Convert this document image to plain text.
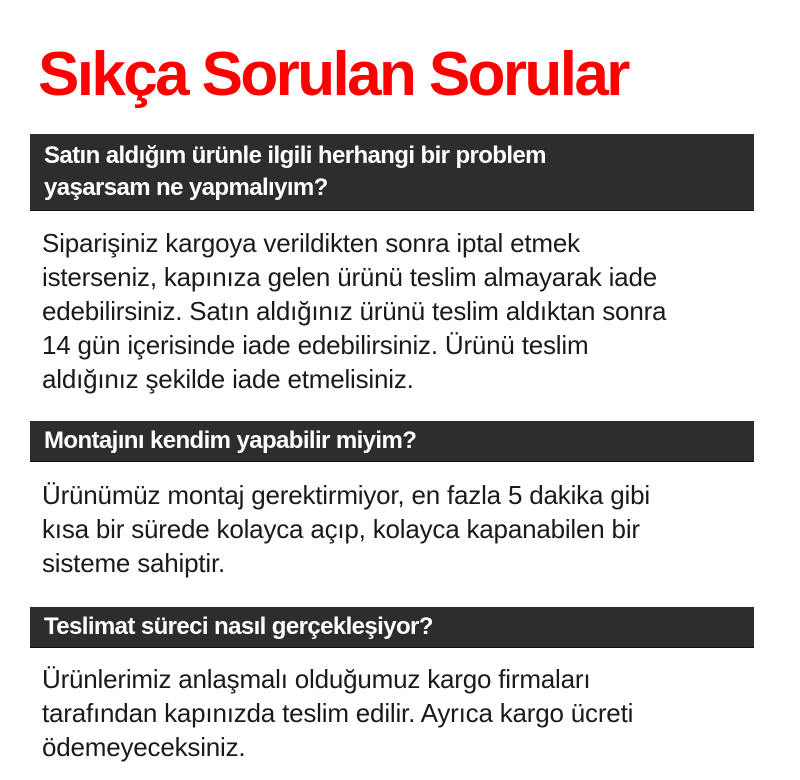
Sıkça Sorulan Sorular
Satın aldığım ürünle ilgili herhangi bir problem
yaşarsam ne yapmalıyım?
Siparişiniz kargoya verildikten sonra iptal etmek
isterseniz, kapınıza gelen ürünü teslim almayarak iade
edebilirsiniz. Satın aldığınız ürünü teslim aldıktan sonra
14 gün içerisinde iade edebilirsiniz. Ürünü teslim
aldığınız şekilde iade etmelisiniz.
Montajını kendim yapabilir miyim?
Ürünümüz montaj gerektirmiyor, en fazla 5 dakika gibi
kısa bir sürede kolayca açıp, kolayca kapanabilen bir
sisteme sahiptir.
Teslimat süreci nasıl gerçekleşiyor?
Ürünlerimiz anlaşmalı olduğumuz kargo firmaları
tarafından kapınızda teslim edilir. Ayrıca kargo ücreti
ödemeyeceksiniz.
